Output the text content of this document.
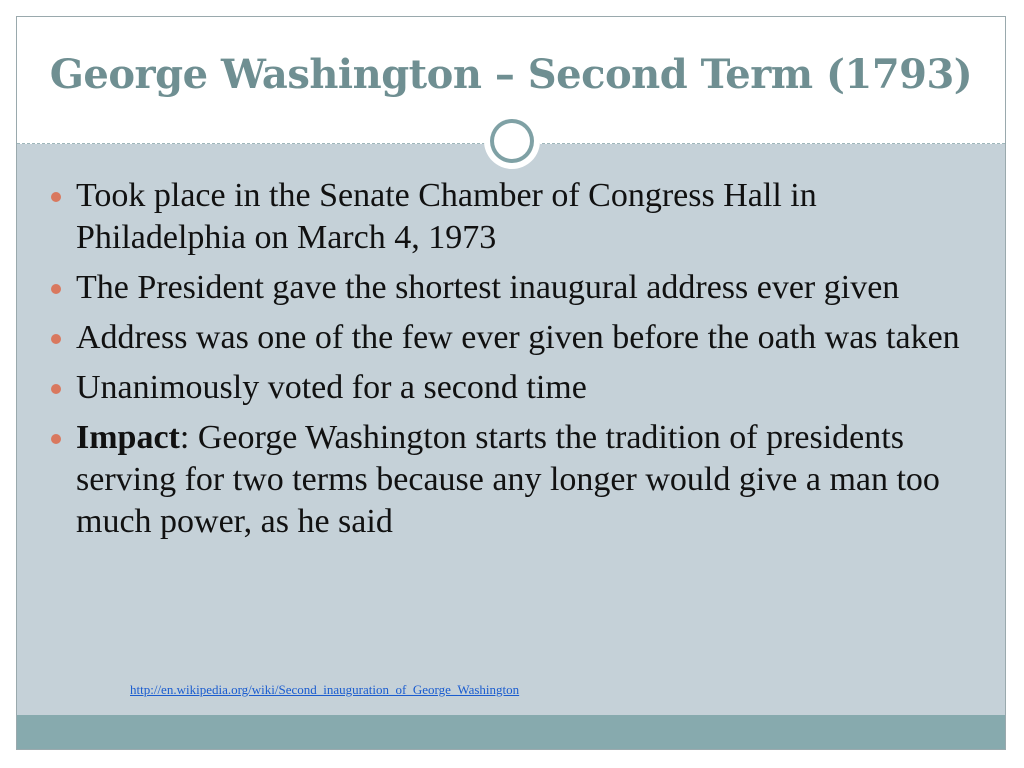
George Washington – Second Term (1793)
Took place in the Senate Chamber of Congress Hall in Philadelphia on March 4, 1973
The President gave the shortest inaugural address ever given
Address was one of the few ever given before the oath was taken
Unanimously voted for a second time
Impact: George Washington starts the tradition of presidents serving for two terms because any longer would give a man too much power, as he said
http://en.wikipedia.org/wiki/Second_inauguration_of_George_Washington
